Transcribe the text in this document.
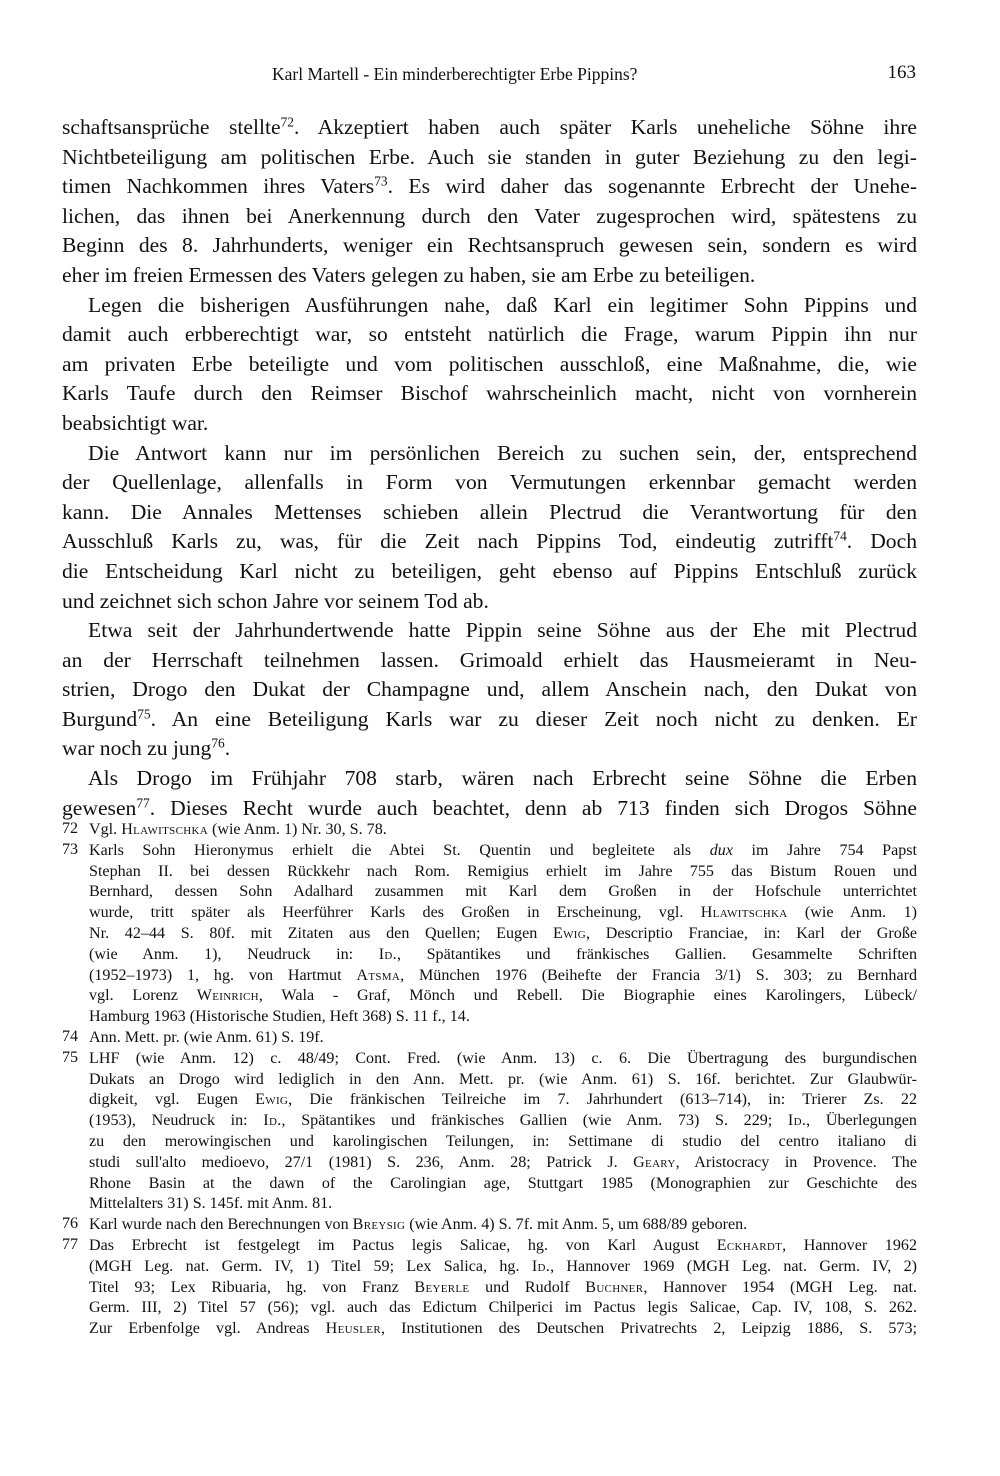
Karl Martell - Ein minderberechtigter Erbe Pippins?	163
schaftsansprüche stellte$^{72}$. Akzeptiert haben auch später Karls uneheliche Söhne ihre
Nichtbeteiligung am politischen Erbe. Auch sie standen in guter Beziehung zu den legi-
timen Nachkommen ihres Vaters$^{73}$. Es wird daher das sogenannte Erbrecht der Unehe-
lichen, das ihnen bei Anerkennung durch den Vater zugesprochen wird, spätestens zu
Beginn des 8. Jahrhunderts, weniger ein Rechtsanspruch gewesen sein, sondern es wird
eher im freien Ermessen des Vaters gelegen zu haben, sie am Erbe zu beteiligen.
Legen die bisherigen Ausführungen nahe, daß Karl ein legitimer Sohn Pippins und
damit auch erbberechtigt war, so entsteht natürlich die Frage, warum Pippin ihn nur
am privaten Erbe beteiligte und vom politischen ausschloß, eine Maßnahme, die, wie
Karls Taufe durch den Reimser Bischof wahrscheinlich macht, nicht von vornherein
beabsichtigt war.
Die Antwort kann nur im persönlichen Bereich zu suchen sein, der, entsprechend
der Quellenlage, allenfalls in Form von Vermutungen erkennbar gemacht werden
kann. Die Annales Mettenses schieben allein Plectrud die Verantwortung für den
Ausschluß Karls zu, was, für die Zeit nach Pippins Tod, eindeutig zutrifft$^{74}$. Doch
die Entscheidung Karl nicht zu beteiligen, geht ebenso auf Pippins Entschluß zurück
und zeichnet sich schon Jahre vor seinem Tod ab.
Etwa seit der Jahrhundertwende hatte Pippin seine Söhne aus der Ehe mit Plectrud
an der Herrschaft teilnehmen lassen. Grimoald erhielt das Hausmeieramt in Neu-
strien, Drogo den Dukat der Champagne und, allem Anschein nach, den Dukat von
Burgund$^{75}$. An eine Beteiligung Karls war zu dieser Zeit noch nicht zu denken. Er
war noch zu jung$^{76}$.
Als Drogo im Frühjahr 708 starb, wären nach Erbrecht seine Söhne die Erben
gewesen$^{77}$. Dieses Recht wurde auch beachtet, denn ab 713 finden sich Drogos Söhne
72 Vgl. Hlawitschka (wie Anm. 1) Nr. 30, S. 78.
73 Karls Sohn Hieronymus erhielt die Abtei St. Quentin und begleitete als dux im Jahre 754 Papst
Stephan II. bei dessen Rückkehr nach Rom. Remigius erhielt im Jahre 755 das Bistum Rouen und
Bernhard, dessen Sohn Adalhard zusammen mit Karl dem Großen in der Hofschule unterrichtet
wurde, tritt später als Heerführer Karls des Großen in Erscheinung, vgl. Hlawitschka (wie Anm. 1)
Nr. 42–44 S. 80f. mit Zitaten aus den Quellen; Eugen Ewig, Descriptio Franciae, in: Karl der Große
(wie Anm. 1), Neudruck in: Id., Spätantikes und fränkisches Gallien. Gesammelte Schriften
(1952–1973) 1, hg. von Hartmut Atsma, München 1976 (Beihefte der Francia 3/1) S. 303; zu Bernhard
vgl. Lorenz Weinrich, Wala - Graf, Mönch und Rebell. Die Biographie eines Karolingers, Lübeck/
Hamburg 1963 (Historische Studien, Heft 368) S. 11 f., 14.
74 Ann. Mett. pr. (wie Anm. 61) S. 19f.
75 LHF (wie Anm. 12) c. 48/49; Cont. Fred. (wie Anm. 13) c. 6. Die Übertragung des burgundischen
Dukats an Drogo wird lediglich in den Ann. Mett. pr. (wie Anm. 61) S. 16f. berichtet. Zur Glaubwür-
digkeit, vgl. Eugen Ewig, Die fränkischen Teilreiche im 7. Jahrhundert (613–714), in: Trierer Zs. 22
(1953), Neudruck in: Id., Spätantikes und fränkisches Gallien (wie Anm. 73) S. 229; Id., Überlegungen
zu den merowingischen und karolingischen Teilungen, in: Settimane di studio del centro italiano di
studi sull'alto medioevo, 27/1 (1981) S. 236, Anm. 28; Patrick J. Geary, Aristocracy in Provence. The
Rhone Basin at the dawn of the Carolingian age, Stuttgart 1985 (Monographien zur Geschichte des
Mittelalters 31) S. 145f. mit Anm. 81.
76 Karl wurde nach den Berechnungen von Breysig (wie Anm. 4) S. 7f. mit Anm. 5, um 688/89 geboren.
77 Das Erbrecht ist festgelegt im Pactus legis Salicae, hg. von Karl August Eckhardt, Hannover 1962
(MGH Leg. nat. Germ. IV, 1) Titel 59; Lex Salica, hg. Id., Hannover 1969 (MGH Leg. nat. Germ. IV, 2)
Titel 93; Lex Ribuaria, hg. von Franz Beyerle und Rudolf Buchner, Hannover 1954 (MGH Leg. nat.
Germ. III, 2) Titel 57 (56); vgl. auch das Edictum Chilperici im Pactus legis Salicae, Cap. IV, 108, S. 262.
Zur Erbenfolge vgl. Andreas Heusler, Institutionen des Deutschen Privatrechts 2, Leipzig 1886, S. 573;
